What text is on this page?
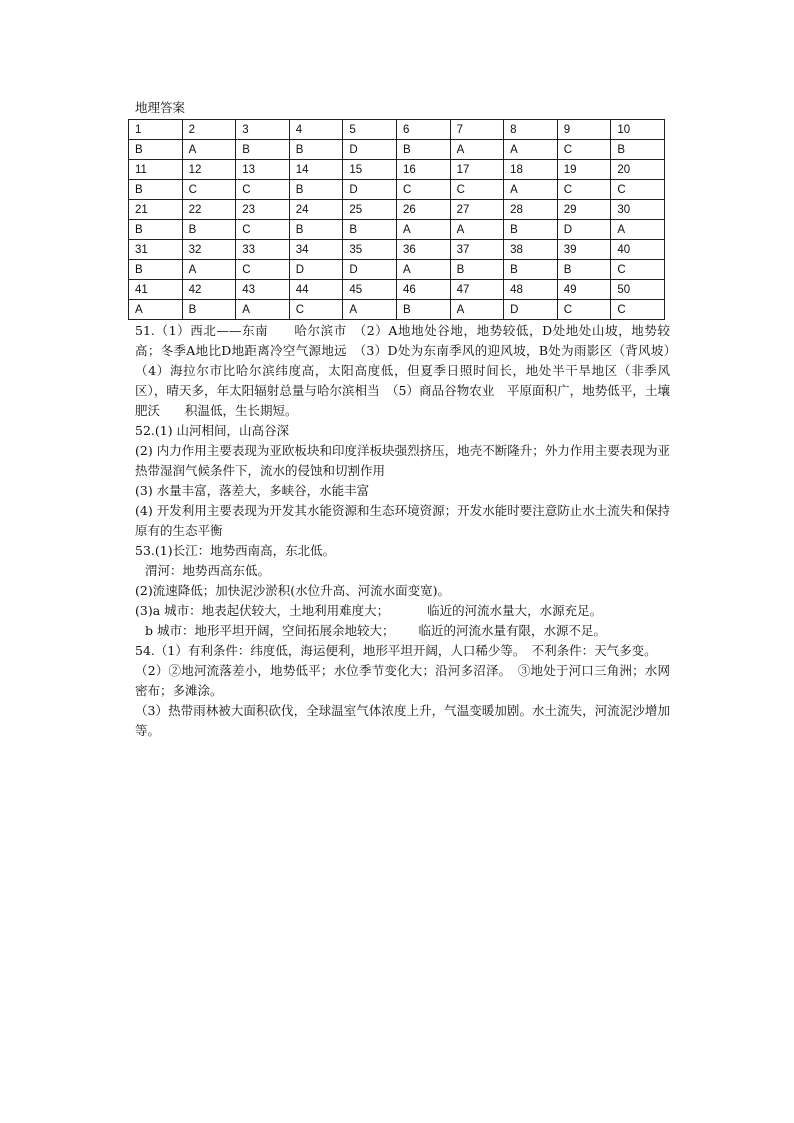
地理答案
1	2	3	4	5	6	7	8	9	10
B	A	B	B	D	B	A	A	C	B
11	12	13	14	15	16	17	18	19	20
B	C	C	B	D	C	C	A	C	C
21	22	23	24	25	26	27	28	29	30
B	B	C	B	B	A	A	B	D	A
31	32	33	34	35	36	37	38	39	40
B	A	C	D	D	A	B	B	B	C
41	42	43	44	45	46	47	48	49	50
A	B	A	C	A	B	A	D	C	C

51.（1）西北——东南　　哈尔滨市　（2）A地地处谷地，地势较低，D处地处山坡，地势较高；冬季A地比D地距离冷空气源地远　（3）D处为东南季风的迎风坡，B处为雨影区（背风坡）　（4）海拉尔市比哈尔滨纬度高，太阳高度低，但夏季日照时间长，地处半干旱地区（非季风区），晴天多，年太阳辐射总量与哈尔滨相当　（5）商品谷物农业　平原面积广，地势低平，土壤肥沃　　积温低，生长期短。

52.(1) 山河相间，山高谷深

(2) 内力作用主要表现为亚欧板块和印度洋板块强烈挤压，地壳不断隆升；外力作用主要表现为亚热带湿润气候条件下，流水的侵蚀和切割作用

(3) 水量丰富，落差大，多峡谷，水能丰富

(4) 开发利用主要表现为开发其水能资源和生态环境资源；开发水能时要注意防止水土流失和保持原有的生态平衡

53.(1)长江：地势西南高，东北低。

渭河：地势西高东低。

(2)流速降低；加快泥沙淤积(水位升高、河流水面变宽)。

(3)a 城市：地表起伏较大，土地利用难度大；	临近的河流水量大，水源充足。

b 城市：地形平坦开阔，空间拓展余地较大； 临近的河流水量有限，水源不足。

54.（1）有利条件：纬度低，海运便利，地形平坦开阔，人口稀少等。　不利条件：天气多变。

（2）②地河流落差小，地势低平；水位季节变化大；沿河多沼泽。　③地处于河口三角洲；水网密布；多滩涂。

（3）热带雨林被大面积砍伐，全球温室气体浓度上升，气温变暖加剧。水土流失，河流泥沙增加等。
